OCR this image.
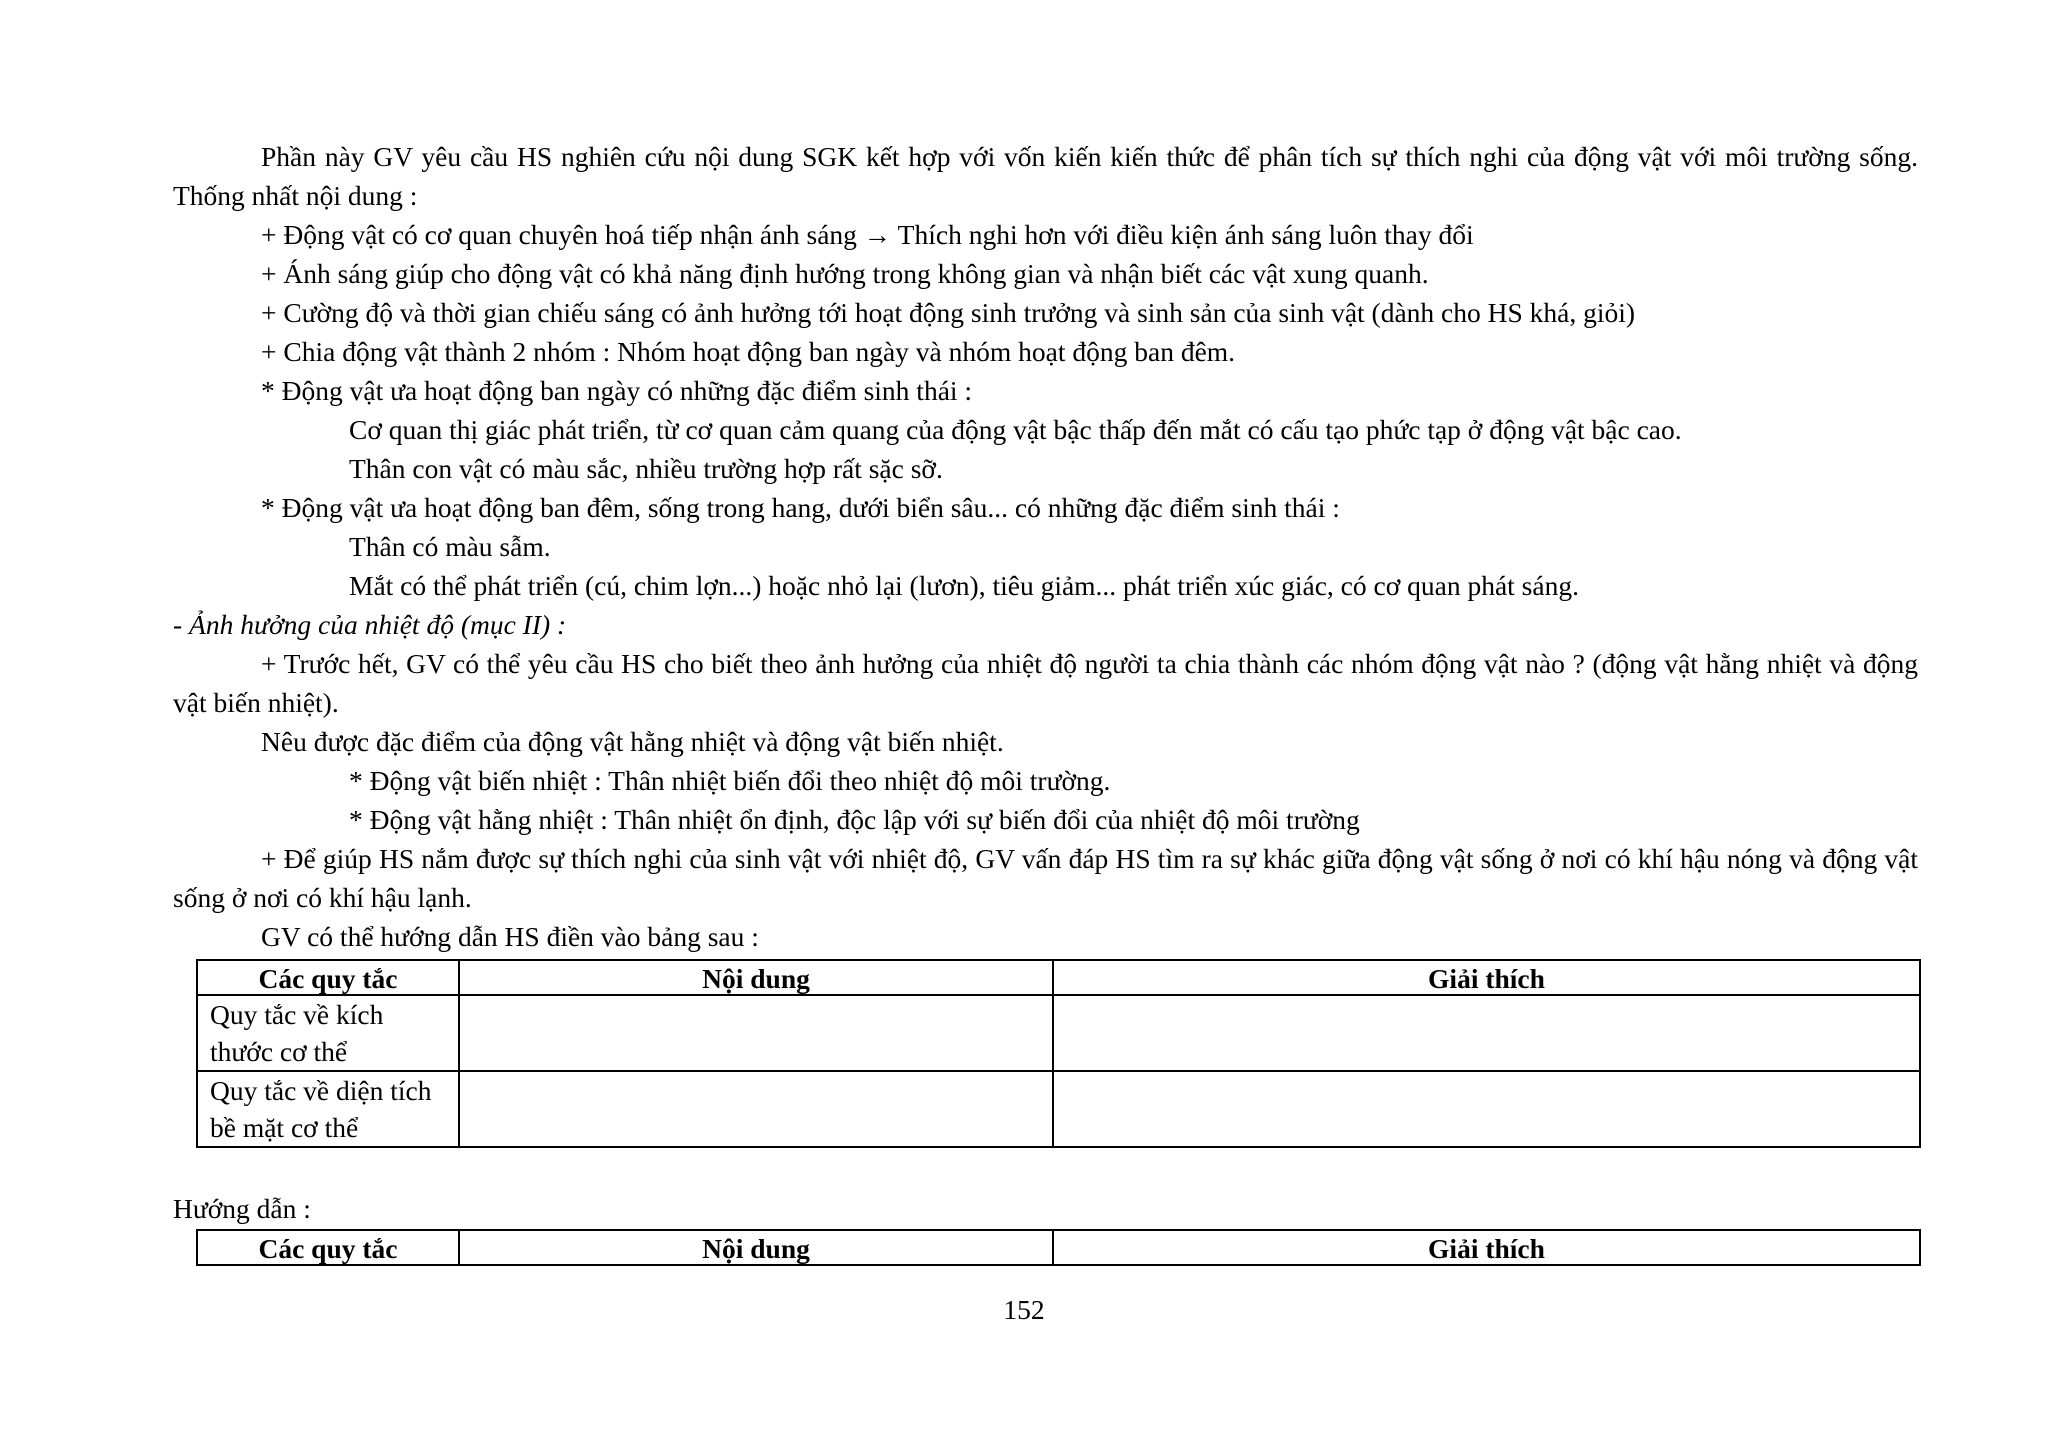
Phần này GV yêu cầu HS nghiên cứu nội dung SGK kết hợp với vốn kiến kiến thức để phân tích sự thích nghi của động vật với môi trường sống. Thống nhất nội dung :

+ Động vật có cơ quan chuyên hoá tiếp nhận ánh sáng → Thích nghi hơn với điều kiện ánh sáng luôn thay đổi

+ Ánh sáng giúp cho động vật có khả năng định hướng trong không gian và nhận biết các vật xung quanh.

+ Cường độ và thời gian chiếu sáng có ảnh hưởng tới hoạt động sinh trưởng và sinh sản của sinh vật (dành cho HS khá, giỏi)

+ Chia động vật thành 2 nhóm : Nhóm hoạt động ban ngày và nhóm hoạt động ban đêm.

* Động vật ưa hoạt động ban ngày có những đặc điểm sinh thái :

Cơ quan thị giác phát triển, từ cơ quan cảm quang của động vật bậc thấp đến mắt có cấu tạo phức tạp ở động vật bậc cao.

Thân con vật có màu sắc, nhiều trường hợp rất sặc sỡ.

* Động vật ưa hoạt động ban đêm, sống trong hang, dưới biển sâu... có những đặc điểm sinh thái :

Thân có màu sẫm.

Mắt có thể phát triển (cú, chim lợn...) hoặc nhỏ lại (lươn), tiêu giảm... phát triển xúc giác, có cơ quan phát sáng.

- Ảnh hưởng của nhiệt độ (mục II) :

+ Trước hết, GV có thể yêu cầu HS cho biết theo ảnh hưởng của nhiệt độ người ta chia thành các nhóm động vật nào ? (động vật hằng nhiệt và động vật biến nhiệt).

Nêu được đặc điểm của động vật hằng nhiệt và động vật biến nhiệt.

* Động vật biến nhiệt : Thân nhiệt biến đổi theo nhiệt độ môi trường.

* Động vật hằng nhiệt : Thân nhiệt ổn định, độc lập với sự biến đổi của nhiệt độ môi trường

+ Để giúp HS nắm được sự thích nghi của sinh vật với nhiệt độ, GV vấn đáp HS tìm ra sự khác giữa động vật sống ở nơi có khí hậu nóng và động vật sống ở nơi có khí hậu lạnh.

GV có thể hướng dẫn HS điền vào bảng sau :

Các quy tắc	Nội dung	Giải thích
Quy tắc về kích thước cơ thể		
Quy tắc về diện tích bề mặt cơ thể		

Hướng dẫn :

Các quy tắc	Nội dung	Giải thích
152
